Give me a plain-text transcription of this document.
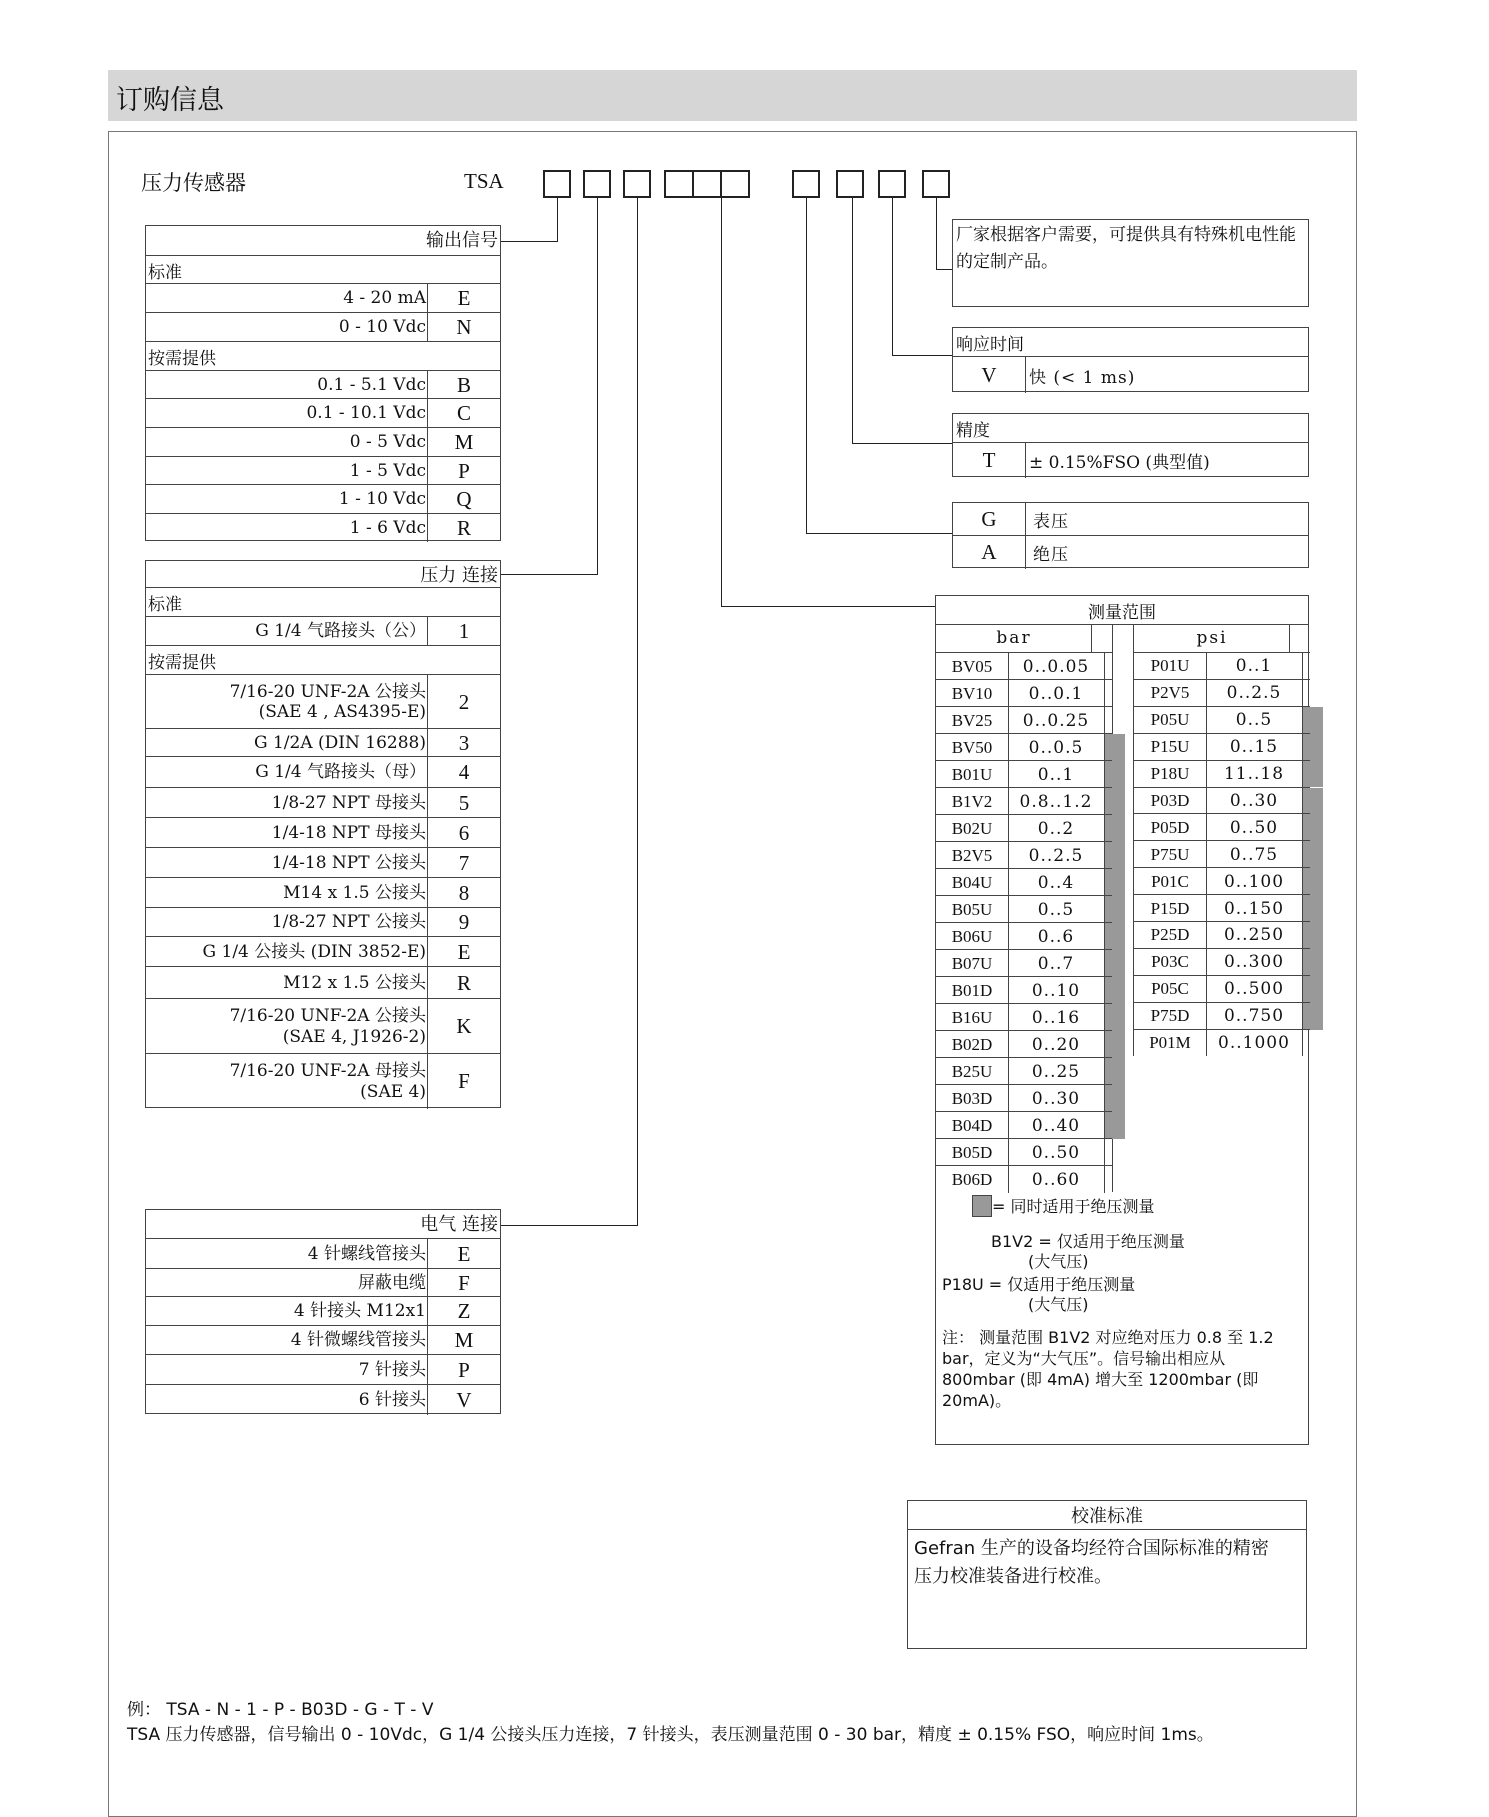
订购信息
压力传感器	TSA
输出信号
标准
4 - 20 mA	E
0 - 10 Vdc	N
按需提供
0.1 - 5.1 Vdc	B
0.1 - 10.1 Vdc	C
0 - 5 Vdc	M
1 - 5 Vdc	P
1 - 10 Vdc	Q
1 - 6 Vdc	R
压力 连接
标准
G 1/4 气路接头（公）	1
按需提供
7/16-20 UNF-2A 公接头
(SAE 4 , AS4395-E)	2
G 1/2A (DIN 16288)	3
G 1/4 气路接头（母）	4
1/8-27 NPT 母接头	5
1/4-18 NPT 母接头	6
1/4-18 NPT 公接头	7
M14 x 1.5 公接头	8
1/8-27 NPT 公接头	9
G 1/4 公接头 (DIN 3852-E)	E
M12 x 1.5 公接头	R
7/16-20 UNF-2A 公接头
(SAE 4, J1926-2)	K
7/16-20 UNF-2A 母接头
(SAE 4)	F
电气 连接
4 针螺线管接头	E
屏蔽电缆	F
4 针接头 M12x1	Z
4 针微螺线管接头	M
7 针接头	P
6 针接头	V
厂家根据客户需要，可提供具有特殊机电性能的定制产品。
响应时间
V	快 (< 1 ms)
精度
T	± 0.15%FSO (典型值)
G	表压
A	绝压
测量范围
bar
BV05	0..0.05
BV10	0..0.1
BV25	0..0.25
BV50	0..0.5
B01U	0..1
B1V2	0.8..1.2
B02U	0..2
B2V5	0..2.5
B04U	0..4
B05U	0..5
B06U	0..6
B07U	0..7
B01D	0..10
B16U	0..16
B02D	0..20
B25U	0..25
B03D	0..30
B04D	0..40
B05D	0..50
B06D	0..60
psi
P01U	0..1
P2V5	0..2.5
P05U	0..5
P15U	0..15
P18U	11..18
P03D	0..30
P05D	0..50
P75U	0..75
P01C	0..100
P15D	0..150
P25D	0..250
P03C	0..300
P05C	0..500
P75D	0..750
P01M	0..1000
= 同时适用于绝压测量
B1V2 = 仅适用于绝压测量
(大气压)
P18U = 仅适用于绝压测量
(大气压)
注： 测量范围 B1V2 对应绝对压力 0.8 至 1.2 bar，定义为“大气压”。信号输出相应从 800mbar (即 4mA) 增大至 1200mbar (即 20mA)。
校准标准
Gefran 生产的设备均经符合国际标准的精密压力校准装备进行校准。
例： TSA - N - 1 - P - B03D - G - T - V
TSA 压力传感器，信号输出 0 - 10Vdc，G 1/4 公接头压力连接，7 针接头，表压测量范围 0 - 30 bar，精度 ± 0.15% FSO，响应时间 1ms。
